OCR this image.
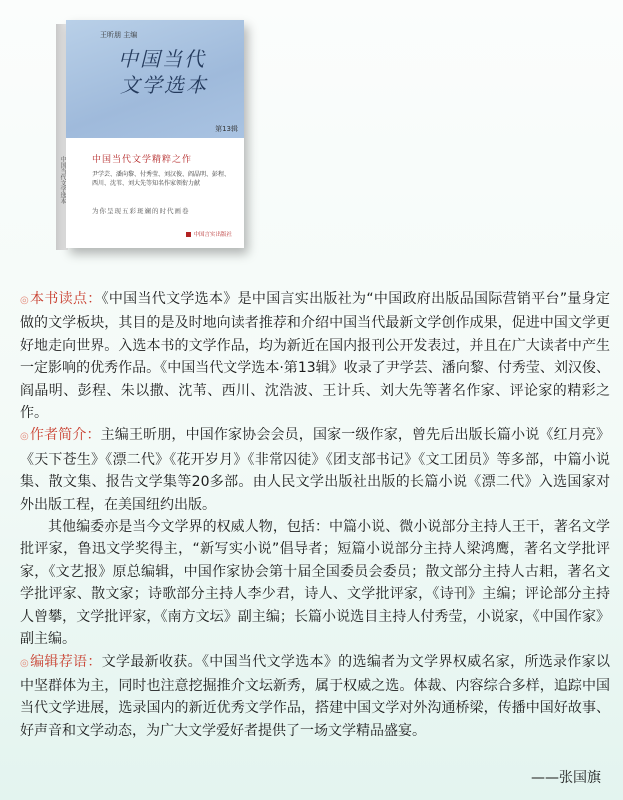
中国当代文学选本
王昕朋 主编
中国当代
文学选本
第13辑
中国当代文学精粹之作
尹学芸、潘向黎、付秀莹、刘汉俊、阎晶明、彭程、西川、沈苇、刘大先等知名作家领衔力献
为你呈现五彩斑斓的时代画卷
中国言实出版社

◎本书读点：《中国当代文学选本》是中国言实出版社为“中国政府出版品国际营销平台”量身定做的文学板块，其目的是及时地向读者推荐和介绍中国当代最新文学创作成果，促进中国文学更好地走向世界。入选本书的文学作品，均为新近在国内报刊公开发表过，并且在广大读者中产生一定影响的优秀作品。《中国当代文学选本·第13辑》收录了尹学芸、潘向黎、付秀莹、刘汉俊、阎晶明、彭程、朱以撒、沈苇、西川、沈浩波、王计兵、刘大先等著名作家、评论家的精彩之作。

◎作者简介：主编王昕朋，中国作家协会会员，国家一级作家，曾先后出版长篇小说《红月亮》《天下苍生》《漂二代》《花开岁月》《非常囚徒》《团支部书记》《文工团员》等多部，中篇小说集、散文集、报告文学集等20多部。由人民文学出版社出版的长篇小说《漂二代》入选国家对外出版工程，在美国纽约出版。

其他编委亦是当今文学界的权威人物，包括：中篇小说、微小说部分主持人王干，著名文学批评家，鲁迅文学奖得主，“新写实小说”倡导者；短篇小说部分主持人梁鸿鹰，著名文学批评家，《文艺报》原总编辑，中国作家协会第十届全国委员会委员；散文部分主持人古耜，著名文学批评家、散文家；诗歌部分主持人李少君，诗人、文学批评家，《诗刊》主编；评论部分主持人曾攀，文学批评家，《南方文坛》副主编；长篇小说选目主持人付秀莹，小说家，《中国作家》副主编。

◎编辑荐语：文学最新收获。《中国当代文学选本》的选编者为文学界权威名家，所选录作家以中坚群体为主，同时也注意挖掘推介文坛新秀，属于权威之选。体裁、内容综合多样，追踪中国当代文学进展，选录国内的新近优秀文学作品，搭建中国文学对外沟通桥梁，传播中国好故事、好声音和文学动态，为广大文学爱好者提供了一场文学精品盛宴。

——张国旗
